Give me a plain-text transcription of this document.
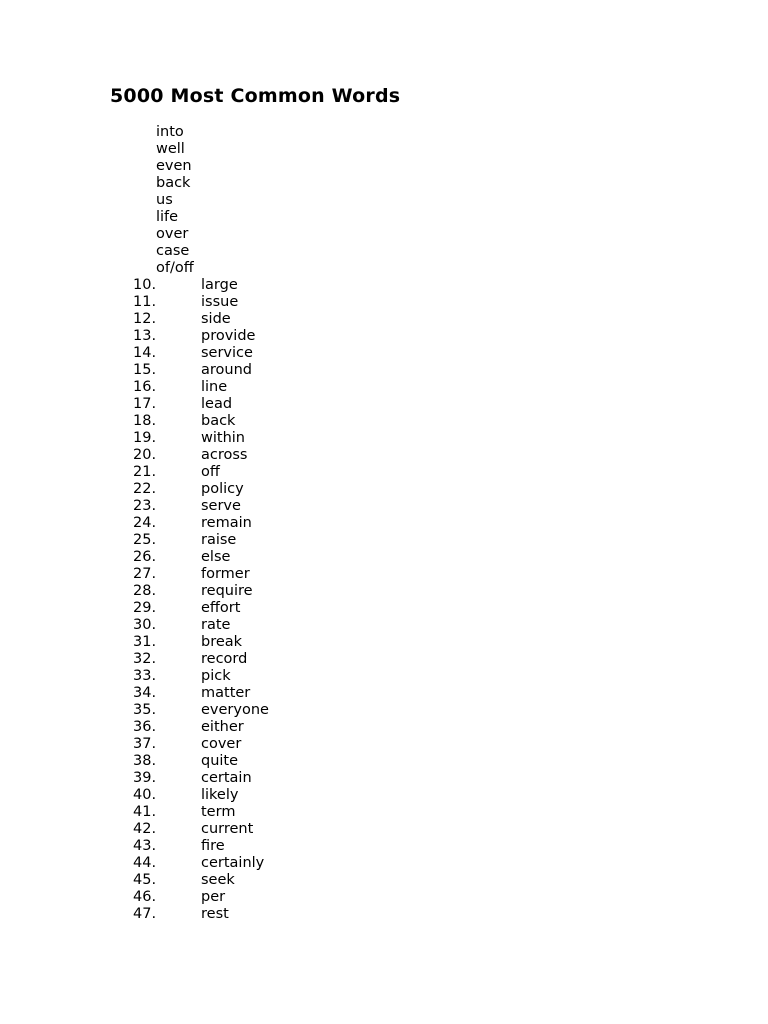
5000 Most Common Words
into
well
even
back
us
life
over
case
of/off
10.	large
11.	issue
12.	side
13.	provide
14.	service
15.	around
16.	line
17.	lead
18.	back
19.	within
20.	across
21.	off
22.	policy
23.	serve
24.	remain
25.	raise
26.	else
27.	former
28.	require
29.	effort
30.	rate
31.	break
32.	record
33.	pick
34.	matter
35.	everyone
36.	either
37.	cover
38.	quite
39.	certain
40.	likely
41.	term
42.	current
43.	fire
44.	certainly
45.	seek
46.	per
47.	rest
